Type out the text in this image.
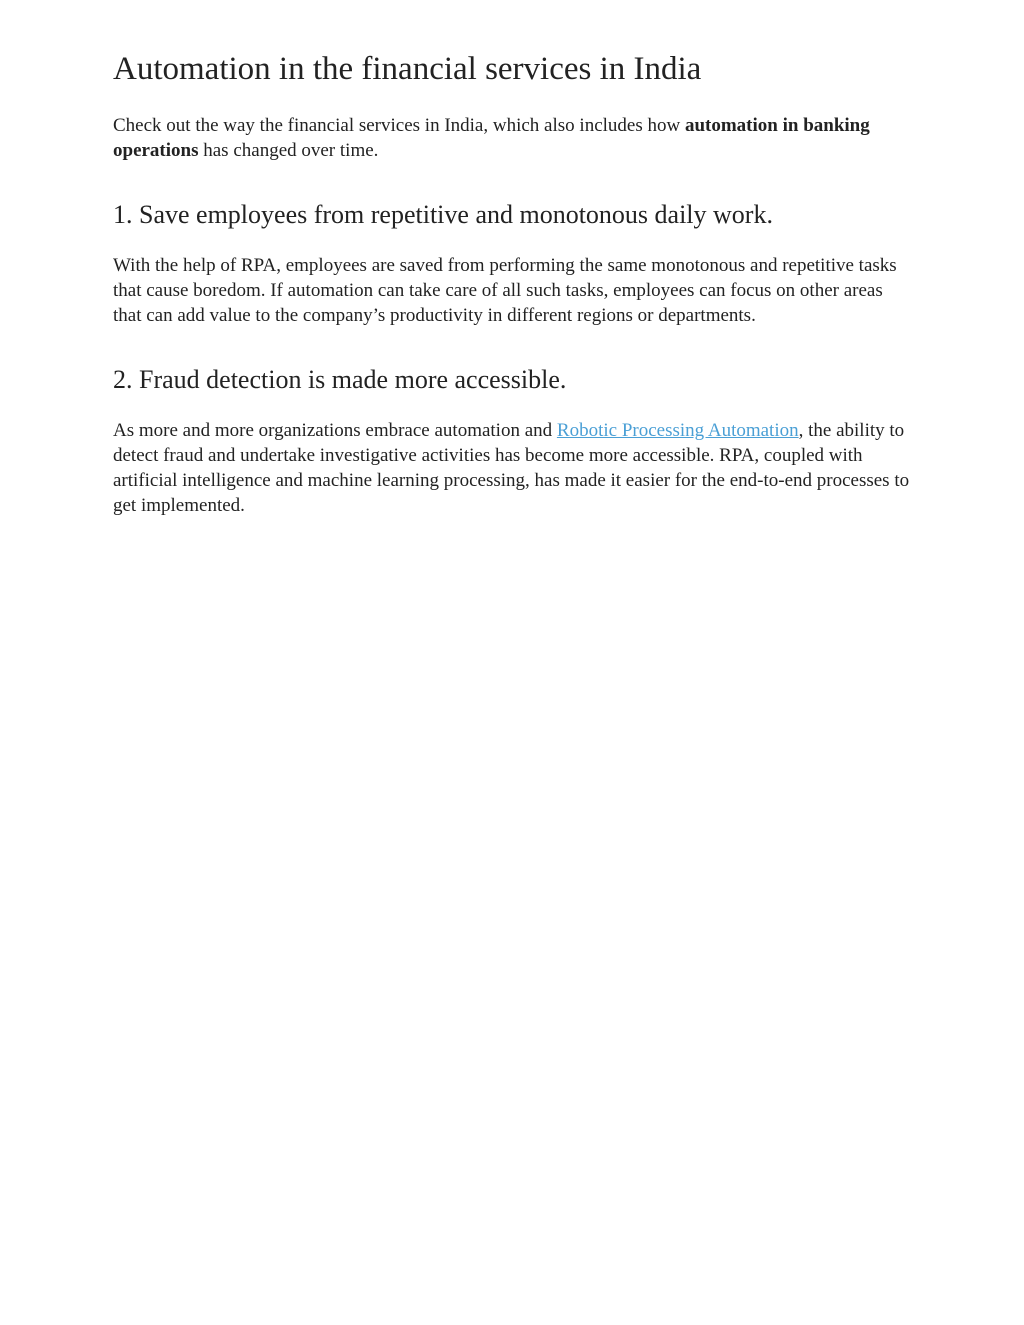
Automation in the financial services in India

Check out the way the financial services in India, which also includes how automation in banking operations has changed over time.

1. Save employees from repetitive and monotonous daily work.

With the help of RPA, employees are saved from performing the same monotonous and repetitive tasks that cause boredom. If automation can take care of all such tasks, employees can focus on other areas that can add value to the company’s productivity in different regions or departments.

2. Fraud detection is made more accessible.

As more and more organizations embrace automation and Robotic Processing Automation, the ability to detect fraud and undertake investigative activities has become more accessible. RPA, coupled with artificial intelligence and machine learning processing, has made it easier for the end-to-end processes to get implemented.
